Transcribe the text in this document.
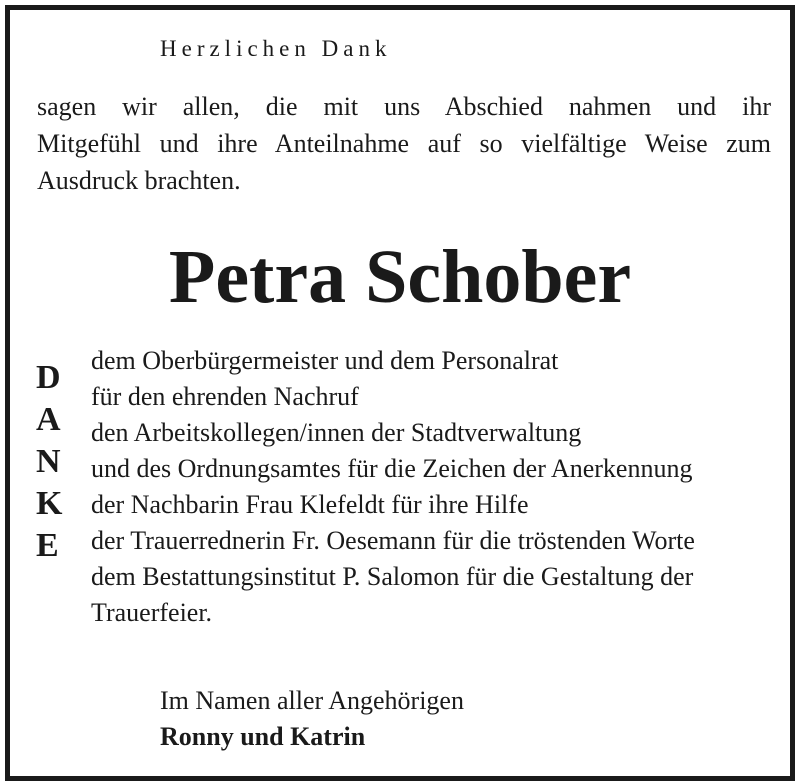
Herzlichen Dank
sagen wir allen, die mit uns Abschied nahmen und ihr
Mitgefühl und ihre Anteilnahme auf so vielfältige Weise zum
Ausdruck brachten.
Petra Schober
D
A
N
K
E
dem Oberbürgermeister und dem Personalrat
für den ehrenden Nachruf
den Arbeitskollegen/innen der Stadtverwaltung
und des Ordnungsamtes für die Zeichen der Anerkennung
der Nachbarin Frau Klefeldt für ihre Hilfe
der Trauerrednerin Fr. Oesemann für die tröstenden Worte
dem Bestattungsinstitut P. Salomon für die Gestaltung der
Trauerfeier.
Im Namen aller Angehörigen
Ronny und Katrin
